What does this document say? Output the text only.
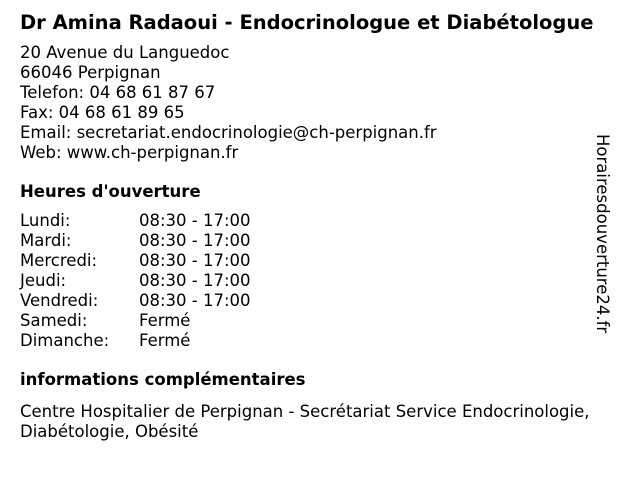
Dr Amina Radaoui - Endocrinologue et Diabétologue
20 Avenue du Languedoc
66046 Perpignan
Telefon: 04 68 61 87 67
Fax: 04 68 61 89 65
Email: secretariat.endocrinologie@ch-perpignan.fr
Web: www.ch-perpignan.fr
Heures d'ouverture
Lundi:	08:30 - 17:00
Mardi:	08:30 - 17:00
Mercredi:	08:30 - 17:00
Jeudi:	08:30 - 17:00
Vendredi:	08:30 - 17:00
Samedi:	Fermé
Dimanche:	Fermé
informations complémentaires
Centre Hospitalier de Perpignan - Secrétariat Service Endocrinologie, Diabétologie, Obésité
Horairesdouverture24.fr
